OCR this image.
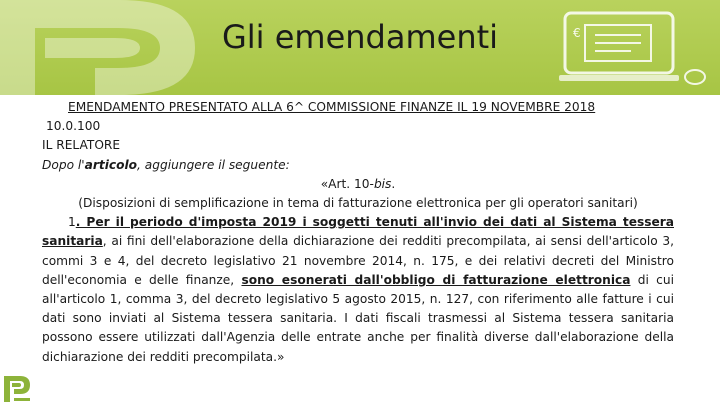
€
Gli emendamenti
EMENDAMENTO PRESENTATO ALLA 6^ COMMISSIONE FINANZE IL 19 NOVEMBRE 2018
10.0.100
IL RELATORE
Dopo l'articolo, aggiungere il seguente:
«Art. 10-bis.
(Disposizioni di semplificazione in tema di fatturazione elettronica per gli operatori sanitari)
1. Per il periodo d'imposta 2019 i soggetti tenuti all'invio dei dati al Sistema tessera sanitaria, ai fini dell'elaborazione della dichiarazione dei redditi precompilata, ai sensi dell'articolo 3, commi 3 e 4, del decreto legislativo 21 novembre 2014, n. 175, e dei relativi decreti del Ministro dell'economia e delle finanze, sono esonerati dall'obbligo di fatturazione elettronica di cui all'articolo 1, comma 3, del decreto legislativo 5 agosto 2015, n. 127, con riferimento alle fatture i cui dati sono inviati al Sistema tessera sanitaria. I dati fiscali trasmessi al Sistema tessera sanitaria possono essere utilizzati dall'Agenzia delle entrate anche per finalità diverse dall'elaborazione della dichiarazione dei redditi precompilata.»
